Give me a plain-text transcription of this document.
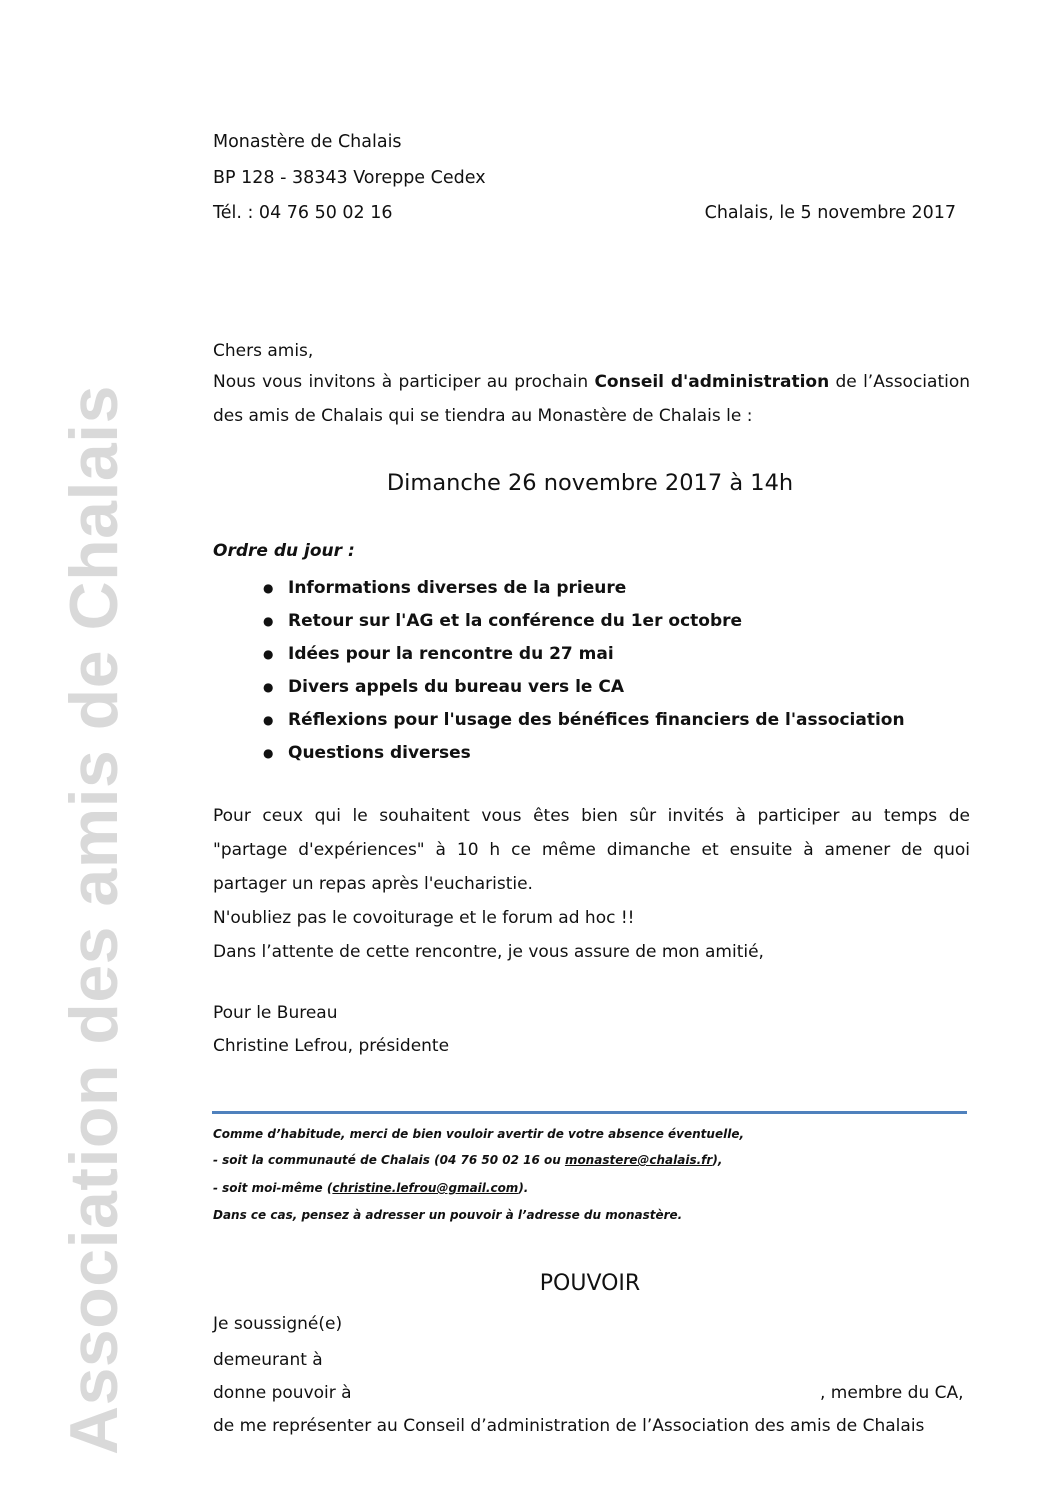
Association des amis de Chalais
Monastère de Chalais
BP 128 - 38343 Voreppe Cedex
Tél. : 04 76 50 02 16	Chalais, le 5 novembre 2017
Chers amis,
Nous vous invitons à participer au prochain Conseil d'administration de l’Association
des amis de Chalais qui se tiendra au Monastère de Chalais le :
Dimanche 26 novembre 2017 à 14h
Ordre du jour :
● Informations diverses de la prieure
● Retour sur l'AG et la conférence du 1er octobre
● Idées pour la rencontre du 27 mai
● Divers appels du bureau vers le CA
● Réflexions pour l'usage des bénéfices financiers de l'association
● Questions diverses
Pour ceux qui le souhaitent vous êtes bien sûr invités à participer au temps de
"partage d'expériences" à 10 h ce même dimanche et ensuite à amener de quoi
partager un repas après l'eucharistie.
N'oubliez pas le covoiturage et le forum ad hoc !!
Dans l’attente de cette rencontre, je vous assure de mon amitié,
Pour le Bureau
Christine Lefrou, présidente
Comme d’habitude, merci de bien vouloir avertir de votre absence éventuelle,
- soit la communauté de Chalais (04 76 50 02 16 ou monastere@chalais.fr),
- soit moi-même (christine.lefrou@gmail.com).
Dans ce cas, pensez à adresser un pouvoir à l’adresse du monastère.
POUVOIR
Je soussigné(e)
demeurant à
donne pouvoir à	, membre du CA,
de me représenter au Conseil d’administration de l’Association des amis de Chalais
